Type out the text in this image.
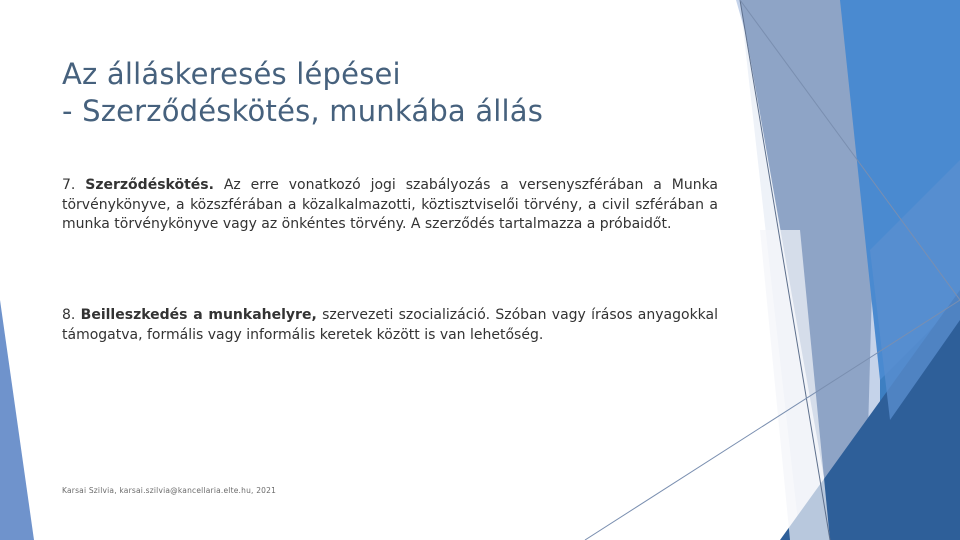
Az álláskeresés lépései
- Szerződéskötés, munkába állás
7. Szerződéskötés. Az erre vonatkozó jogi szabályozás a versenyszférában a Munka törvénykönyve, a közszférában a közalkalmazotti, köztisztviselői törvény, a civil szférában a munka törvénykönyve vagy az önkéntes törvény. A szerződés tartalmazza a próbaidőt.
8. Beilleszkedés a munkahelyre, szervezeti szocializáció. Szóban vagy írásos anyagokkal támogatva, formális vagy informális keretek között is van lehetőség.
Karsai Szilvia, karsai.szilvia@kancellaria.elte.hu, 2021
